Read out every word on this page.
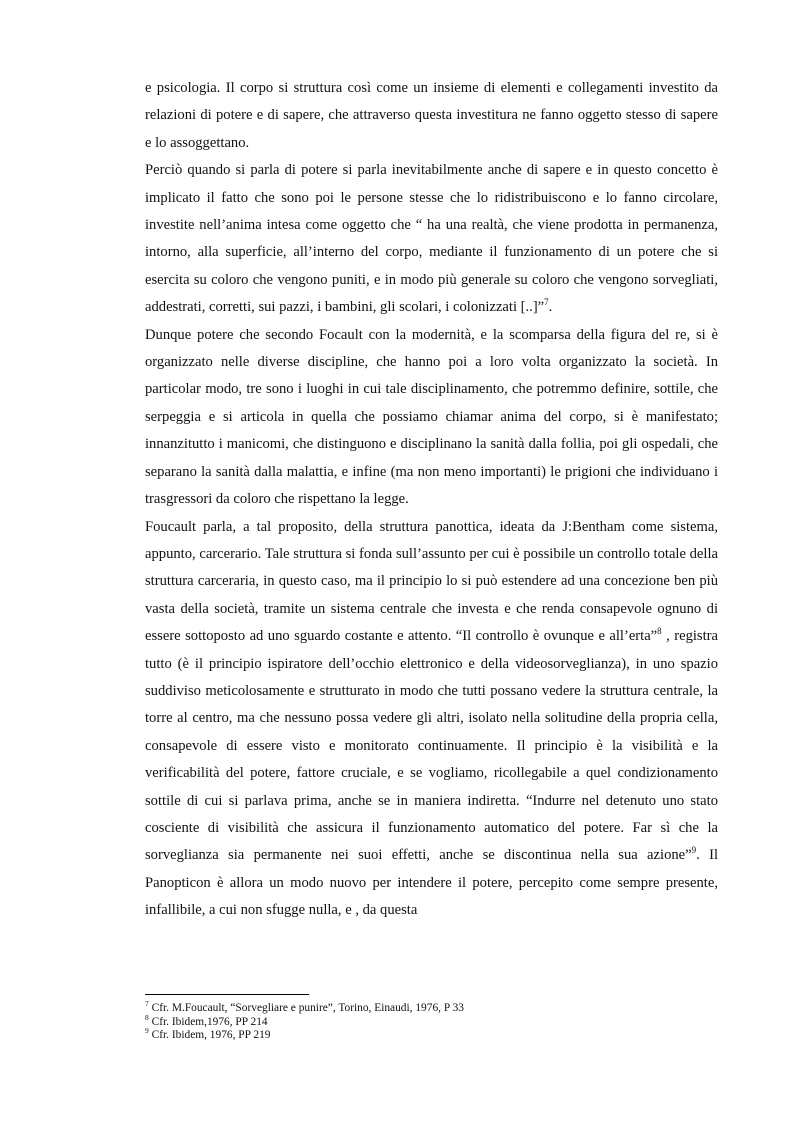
e psicologia. Il corpo si struttura così come un insieme di elementi e collegamenti investito da relazioni di potere e di sapere, che attraverso questa investitura ne fanno oggetto stesso di sapere e lo assoggettano.

Perciò quando si parla di potere si parla inevitabilmente anche di sapere e in questo concetto è implicato il fatto che sono poi le persone stesse che lo ridistribuiscono e lo fanno circolare, investite nell’anima intesa come oggetto che “ ha una realtà, che viene prodotta in permanenza, intorno, alla superficie, all’interno del corpo, mediante il funzionamento di un potere che si esercita su coloro che vengono puniti, e in modo più generale su coloro che vengono sorvegliati, addestrati, corretti, sui pazzi, i bambini, gli scolari, i colonizzati [..]”$^7$.

Dunque potere che secondo Focault con la modernità, e la scomparsa della figura del re, si è organizzato nelle diverse discipline, che hanno poi a loro volta organizzato la società. In particolar modo, tre sono i luoghi in cui tale disciplinamento, che potremmo definire, sottile, che serpeggia e si articola in quella che possiamo chiamar anima del corpo, si è manifestato; innanzitutto i manicomi, che distinguono e disciplinano la sanità dalla follia, poi gli ospedali, che separano la sanità dalla malattia, e infine (ma non meno importanti) le prigioni che individuano i trasgressori da coloro che rispettano la legge.

Foucault parla, a tal proposito, della struttura panottica, ideata da J:Bentham come sistema, appunto, carcerario. Tale struttura si fonda sull’assunto per cui è possibile un controllo totale della struttura carceraria, in questo caso, ma il principio lo si può estendere ad una concezione ben più vasta della società, tramite un sistema centrale che investa e che renda consapevole ognuno di essere sottoposto ad uno sguardo costante e attento. “Il controllo è ovunque e all’erta”$^8$ , registra tutto (è il principio ispiratore dell’occhio elettronico e della videosorveglianza), in uno spazio suddiviso meticolosamente e strutturato in modo che tutti possano vedere la struttura centrale, la torre al centro, ma che nessuno possa vedere gli altri, isolato nella solitudine della propria cella, consapevole di essere visto e monitorato continuamente. Il principio è la visibilità e la verificabilità del potere, fattore cruciale, e se vogliamo, ricollegabile a quel condizionamento sottile di cui si parlava prima, anche se in maniera indiretta. “Indurre nel detenuto uno stato cosciente di visibilità che assicura il funzionamento automatico del potere. Far sì che la sorveglianza sia permanente nei suoi effetti, anche se discontinua nella sua azione”$^9$. Il Panopticon è allora un modo nuovo per intendere il potere, percepito come sempre presente, infallibile, a cui non sfugge nulla, e , da questa

$^7$ Cfr. M.Foucault, “Sorvegliare e punire”, Torino, Einaudi, 1976, P 33
$^8$ Cfr. Ibidem,1976, PP 214
$^9$ Cfr. Ibidem, 1976, PP 219
